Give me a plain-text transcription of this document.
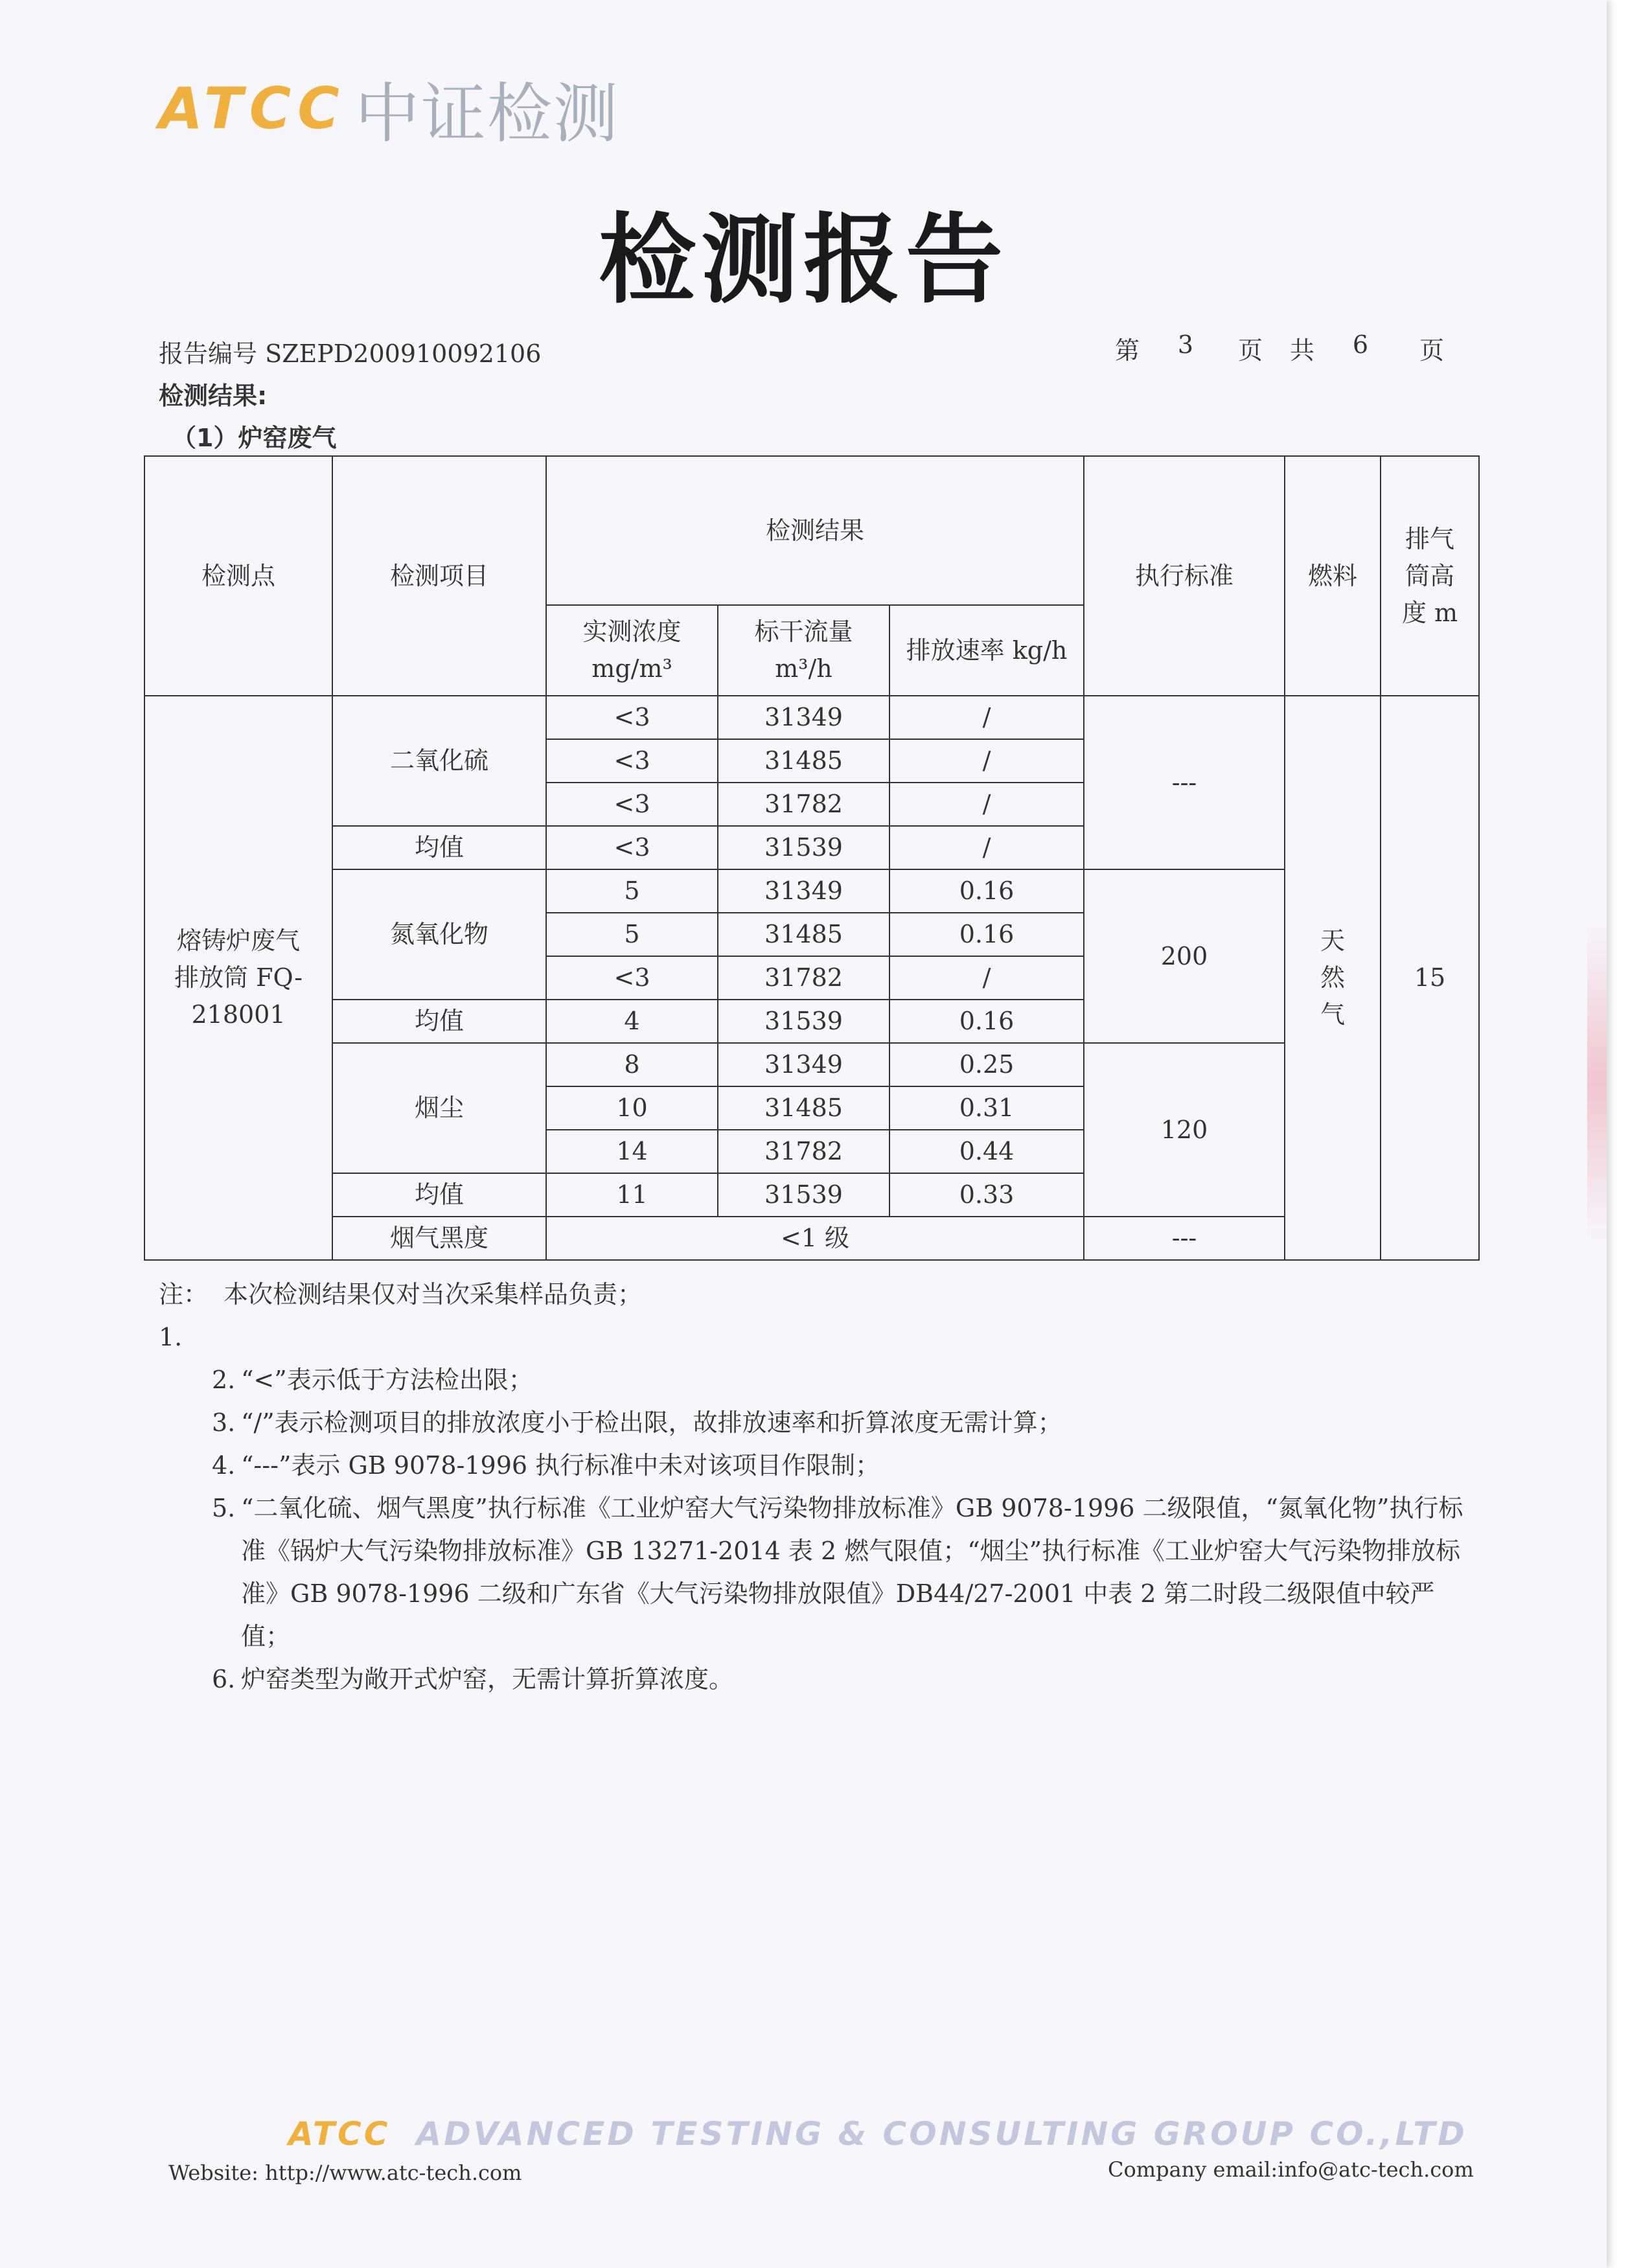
ATCC 中证检测
检测报告
报告编号 SZEPD200910092106	第	3	页	共	6	页
检测结果:
（1）炉窑废气
检测点	检测项目	检测结果			执行标准	燃料	排气筒高度 m
		实测浓度 mg/m³	标干流量 m³/h	排放速率 kg/h			
熔铸炉废气 排放筒 FQ-218001	二氧化硫	<3	31349	/	---	天然气	15
		<3	31485	/			
		<3	31782	/			
	均值	<3	31539	/			
	氮氧化物	5	31349	0.16	200		
		5	31485	0.16			
		<3	31782	/			
	均值	4	31539	0.16			
	烟尘	8	31349	0.25	120		
		10	31485	0.31			
		14	31782	0.44			
	均值	11	31539	0.33			
	烟气黑度	<1 级			---		
注：1.
本次检测结果仅对当次采集样品负责；
2. “<”表示低于方法检出限；
3. “/”表示检测项目的排放浓度小于检出限，故排放速率和折算浓度无需计算；
4. “---”表示 GB 9078-1996 执行标准中未对该项目作限制；
5. “二氧化硫、烟气黑度”执行标准《工业炉窑大气污染物排放标准》GB 9078-1996 二级限值，“氮氧化物”执行标准《锅炉大气污染物排放标准》GB 13271-2014 表 2 燃气限值；“烟尘”执行标准《工业炉窑大气污染物排放标准》GB 9078-1996 二级和广东省《大气污染物排放限值》DB44/27-2001 中表 2 第二时段二级限值中较严值；
6. 炉窑类型为敞开式炉窑，无需计算折算浓度。
ATCC ADVANCED TESTING & CONSULTING GROUP CO.,LTD
Website: http://www.atc-tech.com	Company email:info@atc-tech.com
